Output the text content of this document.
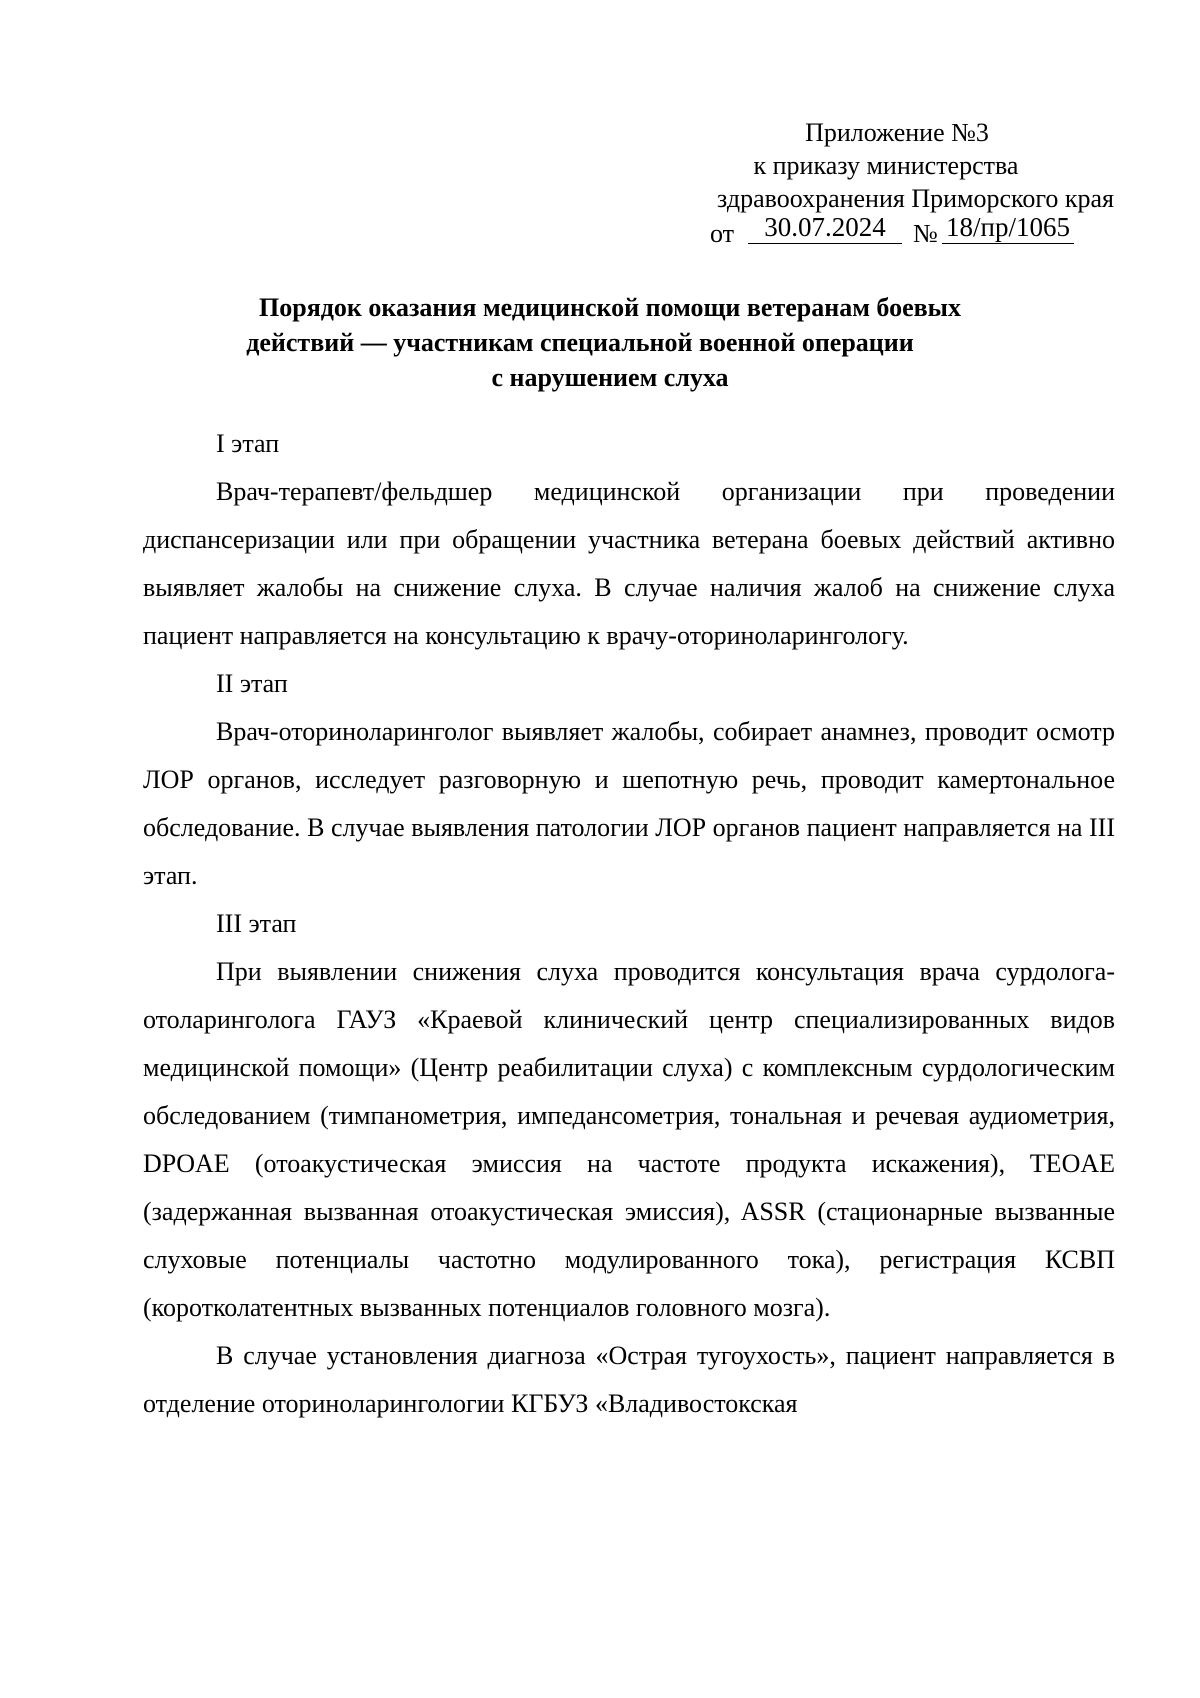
Приложение №3
к приказу министерства
здравоохранения Приморского края
от	30.07.2024	№ 18/пр/1065
Порядок оказания медицинской помощи ветеранам боевых
действий — участникам специальной военной операции
с нарушением слуха
I этап

Врач-терапевт/фельдшер медицинской организации при проведении диспансеризации или при обращении участника ветерана боевых действий активно выявляет жалобы на снижение слуха. В случае наличия жалоб на снижение слуха пациент направляется на консультацию к врачу-оториноларингологу.

II этап

Врач-оториноларинголог выявляет жалобы, собирает анамнез, проводит осмотр ЛОР органов, исследует разговорную и шепотную речь, проводит камертональное обследование. В случае выявления патологии ЛОР органов пациент направляется на III этап.

III этап

При выявлении снижения слуха проводится консультация врача сурдолога-отоларинголога ГАУЗ «Краевой клинический центр специализированных видов медицинской помощи» (Центр реабилитации слуха) с комплексным сурдологическим обследованием (тимпанометрия, импедансометрия, тональная и речевая аудиометрия, DPOAE (отоакустическая эмиссия на частоте продукта искажения), TEOAE (задержанная вызванная отоакустическая эмиссия), ASSR (стационарные вызванные слуховые потенциалы частотно модулированного тока), регистрация КСВП (коротколатентных вызванных потенциалов головного мозга).

В случае установления диагноза «Острая тугоухость», пациент направляется в отделение оториноларингологии КГБУЗ «Владивостокская
